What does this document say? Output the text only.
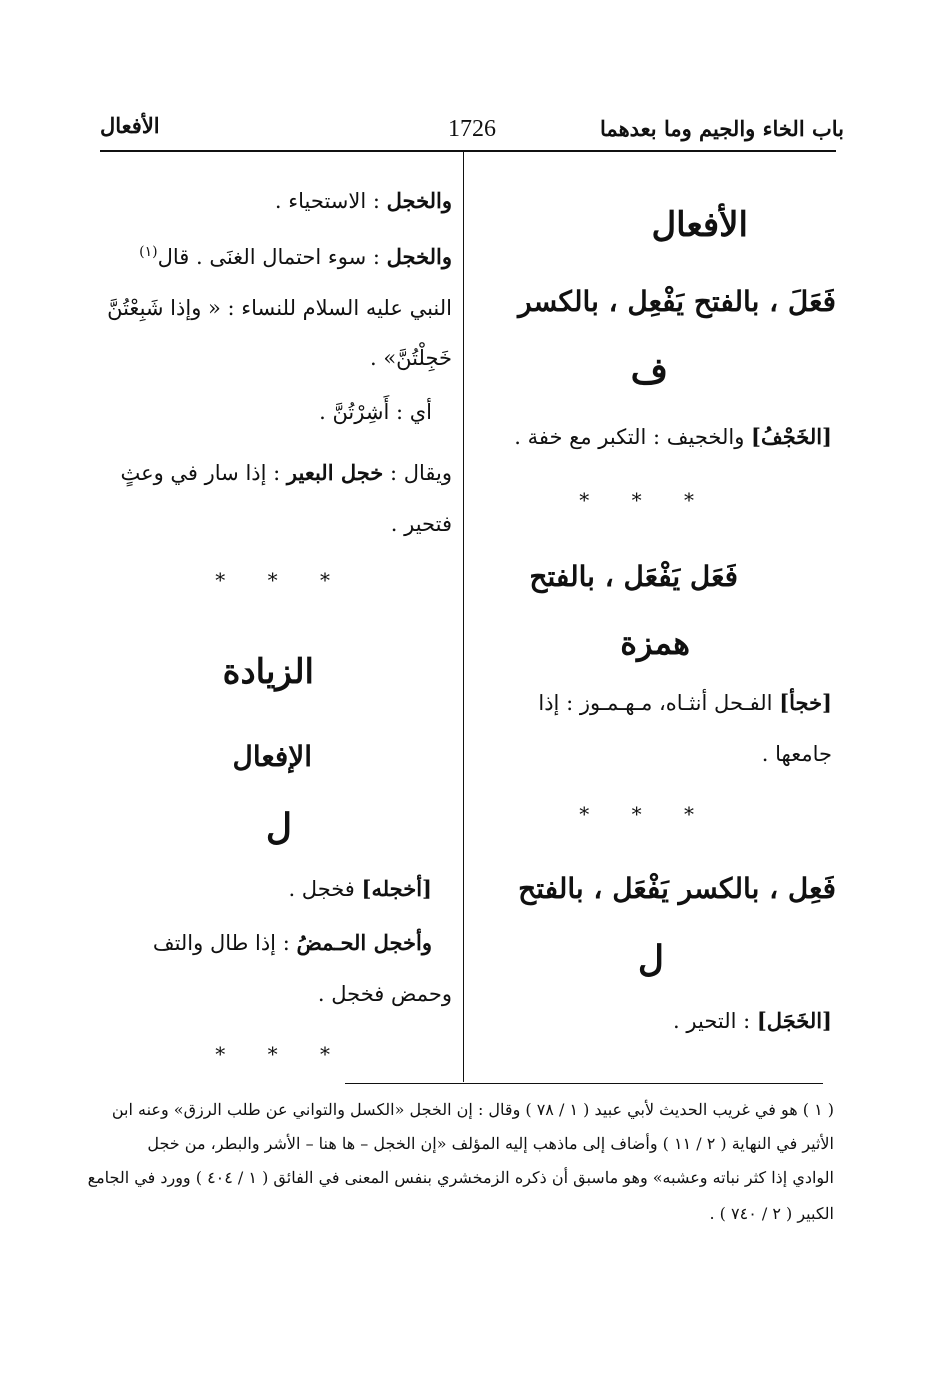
باب الخاء والجيم وما بعدهما
1726
الأفعال
الأفعال
فَعَلَ ، بالفتح يَفْعِل ، بالكسر
ف
[الخَجْفُ] والخجيف : التكبر مع خفة .
* * *
فَعَل يَفْعَل ، بالفتح
همزة
[خجأ] الفـحل أنثـاه، مـهـمـوز : إذا
جامعها .
* * *
فَعِل ، بالكسر يَفْعَل ، بالفتح
ل
[الخَجَل] : التحير .
والخجل : الاستحياء .
والخجل : سوء احتمال الغنَى . قال$^{(١)}$
النبي عليه السلام للنساء : « وإذا شَبِعْتُنَّ
خَجِلْتُنَّ» .
أي : أَشِرْتُنَّ .
ويقال : خجل البعير : إذا سار في وعثٍ
فتحير .
* * *
الزيادة
الإفعال
ل
[أخجله] فخجل .
وأخجل الحـمضُ : إذا طال والتف
وحمض فخجل .
* * *
( ١ ) هو في غريب الحديث لأبي عبيد ( ١ / ٧٨ ) وقال : إن الخجل «الكسل والتواني عن طلب الرزق» وعنه ابن
الأثير في النهاية ( ٢ / ١١ ) وأضاف إلى ماذهب إليه المؤلف «إن الخجل – ها هنا – الأشر والبطر، من خجل
الوادي إذا كثر نباته وعشبه» وهو ماسبق أن ذكره الزمخشري بنفس المعنى في الفائق ( ١ / ٤٠٤ ) وورد في الجامع
الكبير ( ٢ / ٧٤٠ ) .
